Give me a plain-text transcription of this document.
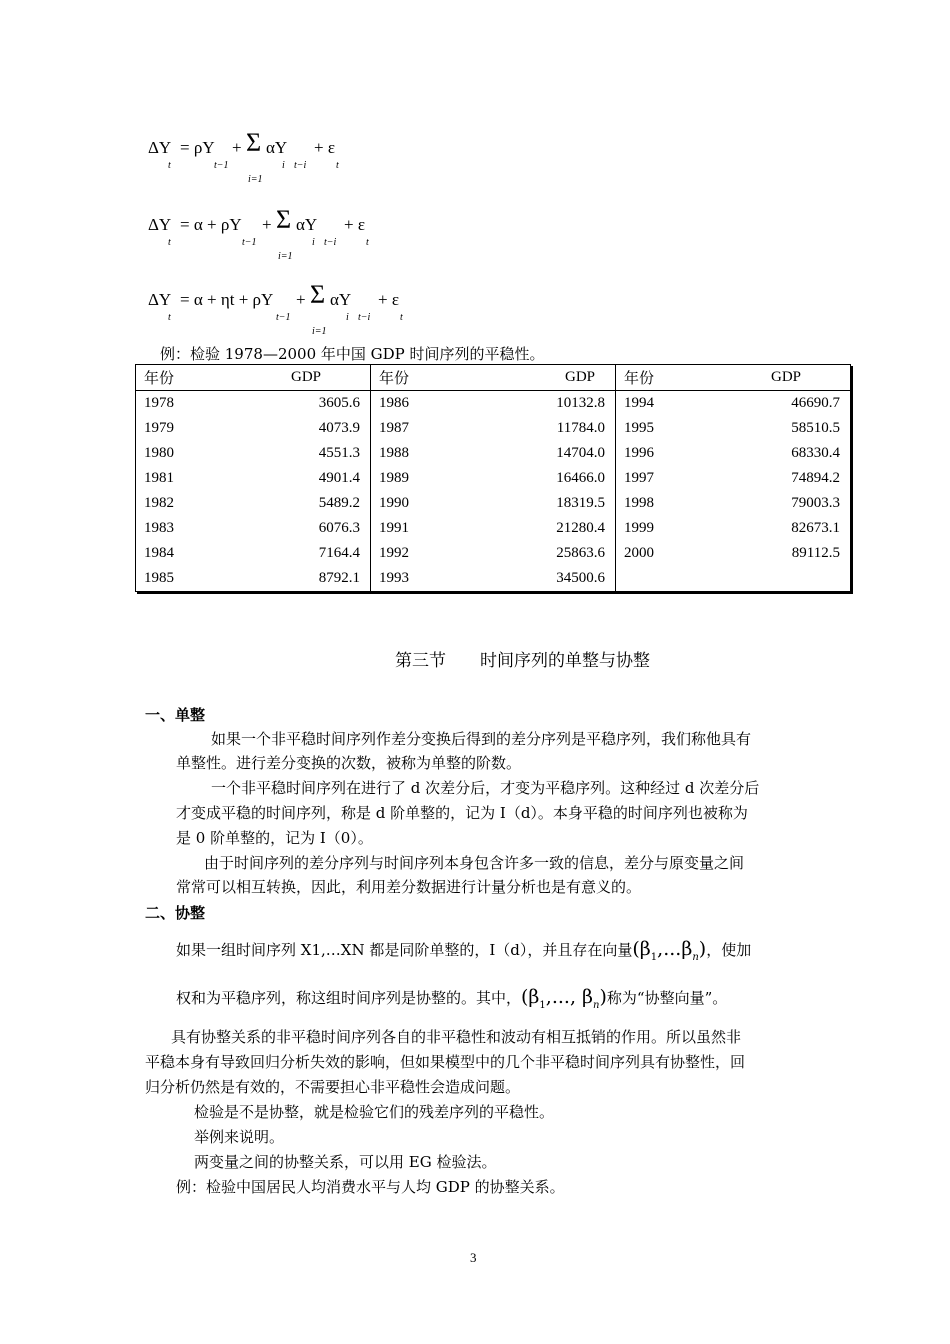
ΔY
t
= ρY
t−1
+ Σ αY
i t−i
i=1
+ ε
t
ΔY
t
= α + ρY
t−1
+ Σ αY
i t−i
i=1
+ ε
t
ΔY
t
= α + ηt + ρY
t−1
+ Σ αY
i t−i
i=1
+ ε
t
例：检验 1978—2000 年中国 GDP 时间序列的平稳性。
年份	GDP	年份	GDP	年份	GDP
1978	3605.6	1986	10132.8	1994	46690.7
1979	4073.9	1987	11784.0	1995	58510.5
1980	4551.3	1988	14704.0	1996	68330.4
1981	4901.4	1989	16466.0	1997	74894.2
1982	5489.2	1990	18319.5	1998	79003.3
1983	6076.3	1991	21280.4	1999	82673.1
1984	7164.4	1992	25863.6	2000	89112.5
1985	8792.1	1993	34500.6		
第三节　　时间序列的单整与协整
一、单整
如果一个非平稳时间序列作差分变换后得到的差分序列是平稳序列，我们称他具有
单整性。进行差分变换的次数，被称为单整的阶数。
一个非平稳时间序列在进行了 d 次差分后，才变为平稳序列。这种经过 d 次差分后
才变成平稳的时间序列，称是 d 阶单整的，记为 I（d）。本身平稳的时间序列也被称为
是 0 阶单整的，记为 I（0）。
由于时间序列的差分序列与时间序列本身包含许多一致的信息，差分与原变量之间
常常可以相互转换，因此，利用差分数据进行计量分析也是有意义的。
二、协整
如果一组时间序列 X1,…XN 都是同阶单整的，I（d），并且存在向量$(\beta_1,...\beta_n)$，使加
权和为平稳序列，称这组时间序列是协整的。其中，($\beta_1$,..., $\beta_n$)称为“协整向量”。
具有协整关系的非平稳时间序列各自的非平稳性和波动有相互抵销的作用。所以虽然非
平稳本身有导致回归分析失效的影响，但如果模型中的几个非平稳时间序列具有协整性，回
归分析仍然是有效的，不需要担心非平稳性会造成问题。
检验是不是协整，就是检验它们的残差序列的平稳性。
举例来说明。
两变量之间的协整关系，可以用 EG 检验法。
例：检验中国居民人均消费水平与人均 GDP 的协整关系。
3
